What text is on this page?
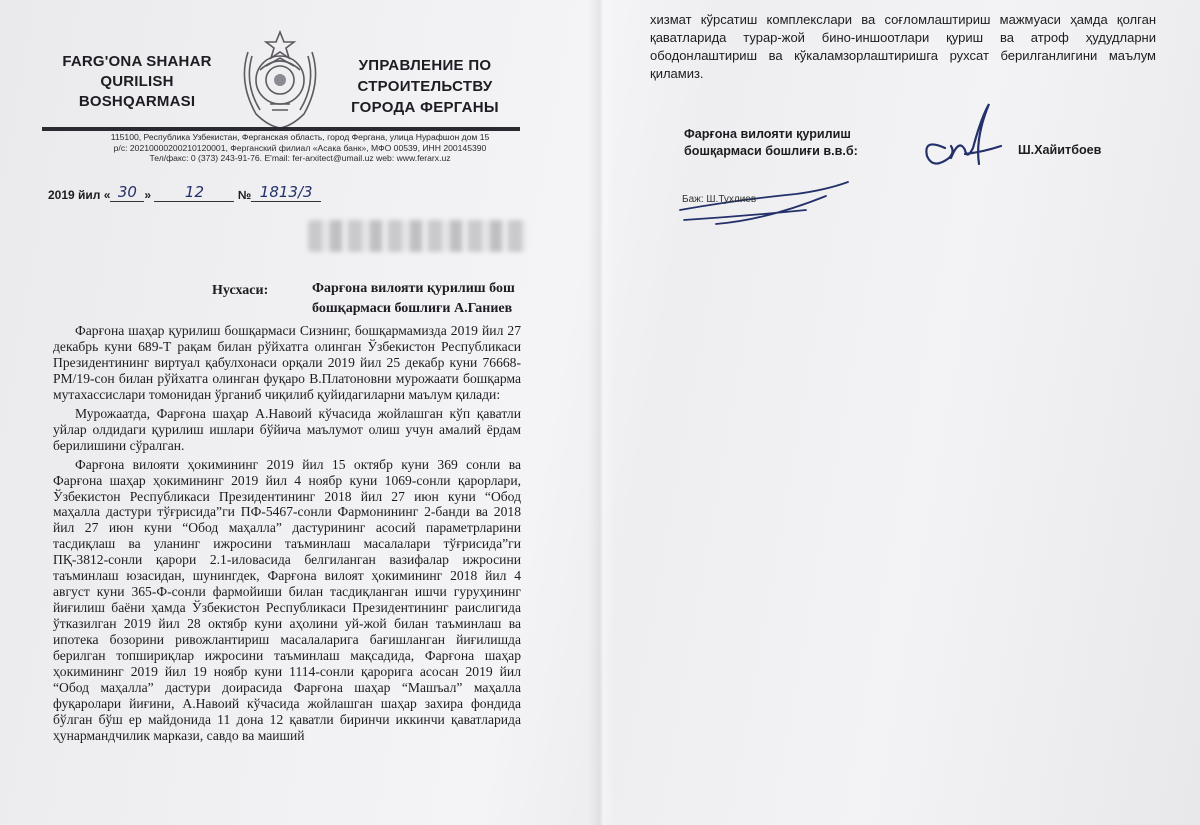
FARG'ONA SHAHAR
QURILISH
BOSHQARMASI
УПРАВЛЕНИЕ ПО
СТРОИТЕЛЬСТВУ
ГОРОДА ФЕРГАНЫ
115100, Республика Узбекистан, Ферганская область, город Фергана, улица Нурафшон дом 15
р/с: 20210000200210120001, Ферганский филиал «Асака банк», МФО 00539, ИНН 200145390
Тел/факс: 0 (373) 243-91-76. E'mail: fer-arxitect@umail.uz web: www.ferarx.uz
2019 йил « 30 » 12	№ 1813/3
Нусхаси:	Фарғона вилояти қурилиш бош
бошқармаси бошлиғи А.Ганиев

Фарғона шаҳар қурилиш бошқармаси Сизнинг, бошқармамизда 2019 йил 27 декабрь куни 689-Т рақам билан рўйхатга олинган Ўзбекистон Республикаси Президентининг виртуал қабулхонаси орқали 2019 йил 25 декабр куни 76668-РМ/19-сон билан рўйхатга олинган фуқаро В.Платоновни мурожаати бошқарма мутахассислари томонидан ўрганиб чиқилиб қуйидагиларни маълум қилади:

Мурожаатда, Фарғона шаҳар А.Навоий кўчасида жойлашган кўп қаватли уйлар олдидаги қурилиш ишлари бўйича маълумот олиш учун амалий ёрдам берилишини сўралган.

Фарғона вилояти ҳокимининг 2019 йил 15 октябр куни 369 сонли ва Фарғона шаҳар ҳокимининг 2019 йил 4 ноябр куни 1069-сонли қарорлари, Ўзбекистон Республикаси Президентининг 2018 йил 27 июн куни “Обод маҳалла дастури тўғрисида”ги ПФ-5467-сонли Фармонининг 2-банди ва 2018 йил 27 июн куни “Обод маҳалла” дастурининг асосий параметрларини тасдиқлаш ва уланинг ижросини таъминлаш масалалари тўғрисида”ги ПҚ-3812-сонли қарори 2.1-иловасида белгиланган вазифалар ижросини таъминлаш юзасидан, шунингдек, Фарғона вилоят ҳокимининг 2018 йил 4 август куни 365-Ф-сонли фармойиши билан тасдиқланган ишчи гуруҳининг йиғилиш баёни ҳамда Ўзбекистон Республикаси Президентининг раислигида ўтказилган 2019 йил 28 октябр куни аҳолини уй-жой билан таъминлаш ва ипотека бозорини ривожлантириш масалаларига бағишланган йиғилишда берилган топшириқлар ижросини таъминлаш мақсадида, Фарғона шаҳар ҳокимининг 2019 йил 19 ноябр куни 1114-сонли қарорига асосан 2019 йил “Обод маҳалла” дастури доирасида Фарғона шаҳар “Машъал” маҳалла фуқаролари йиғини, А.Навоий кўчасида жойлашган шаҳар захира фондида бўлган бўш ер майдонида 11 дона 12 қаватли биринчи иккинчи қаватларида ҳунармандчилик маркази, савдо ва маиший

хизмат кўрсатиш комплекслари ва соғломлаштириш мажмуаси ҳамда қолган қаватларида турар-жой бино-иншоотлари қуриш ва атроф ҳудудларни ободонлаштириш ва кўкаламзорлаштиришга рухсат берилганлигини маълум қиламиз.
Фарғона вилояти қурилиш
бошқармаси бошлиғи в.в.б:	Ш.Хайитбоев
Бaж: Ш.Тухлиев
